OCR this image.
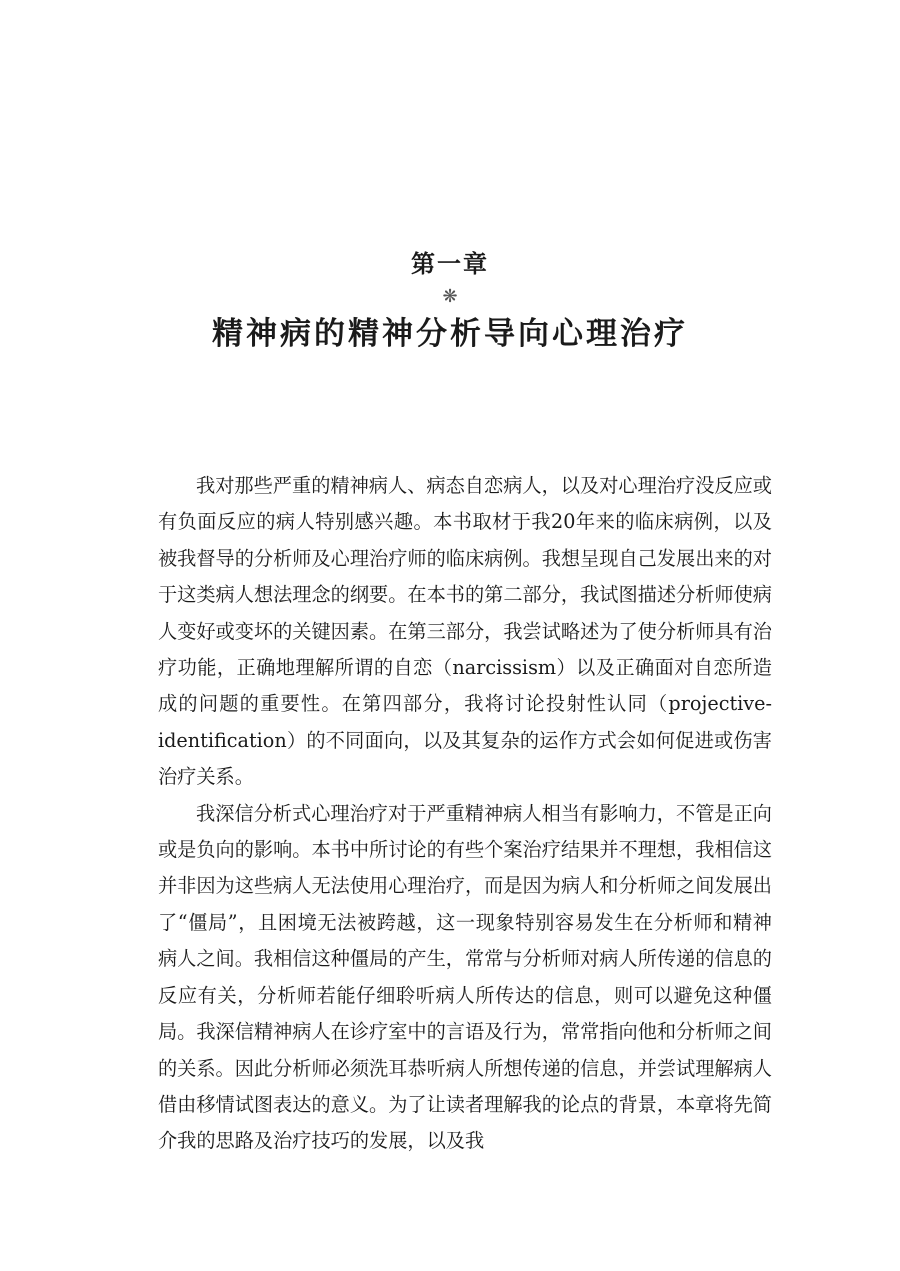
第一章
❋
精神病的精神分析导向心理治疗

我对那些严重的精神病人、病态自恋病人，以及对心理治疗没反应或有负面反应的病人特别感兴趣。本书取材于我20年来的临床病例，以及被我督导的分析师及心理治疗师的临床病例。我想呈现自己发展出来的对于这类病人想法理念的纲要。在本书的第二部分，我试图描述分析师使病人变好或变坏的关键因素。在第三部分，我尝试略述为了使分析师具有治疗功能，正确地理解所谓的自恋（narcissism）以及正确面对自恋所造成的问题的重要性。在第四部分，我将讨论投射性认同（projective-identification）的不同面向，以及其复杂的运作方式会如何促进或伤害治疗关系。

我深信分析式心理治疗对于严重精神病人相当有影响力，不管是正向或是负向的影响。本书中所讨论的有些个案治疗结果并不理想，我相信这并非因为这些病人无法使用心理治疗，而是因为病人和分析师之间发展出了“僵局”，且困境无法被跨越，这一现象特别容易发生在分析师和精神病人之间。我相信这种僵局的产生，常常与分析师对病人所传递的信息的反应有关，分析师若能仔细聆听病人所传达的信息，则可以避免这种僵局。我深信精神病人在诊疗室中的言语及行为，常常指向他和分析师之间的关系。因此分析师必须洗耳恭听病人所想传递的信息，并尝试理解病人借由移情试图表达的意义。为了让读者理解我的论点的背景，本章将先简介我的思路及治疗技巧的发展，以及我
